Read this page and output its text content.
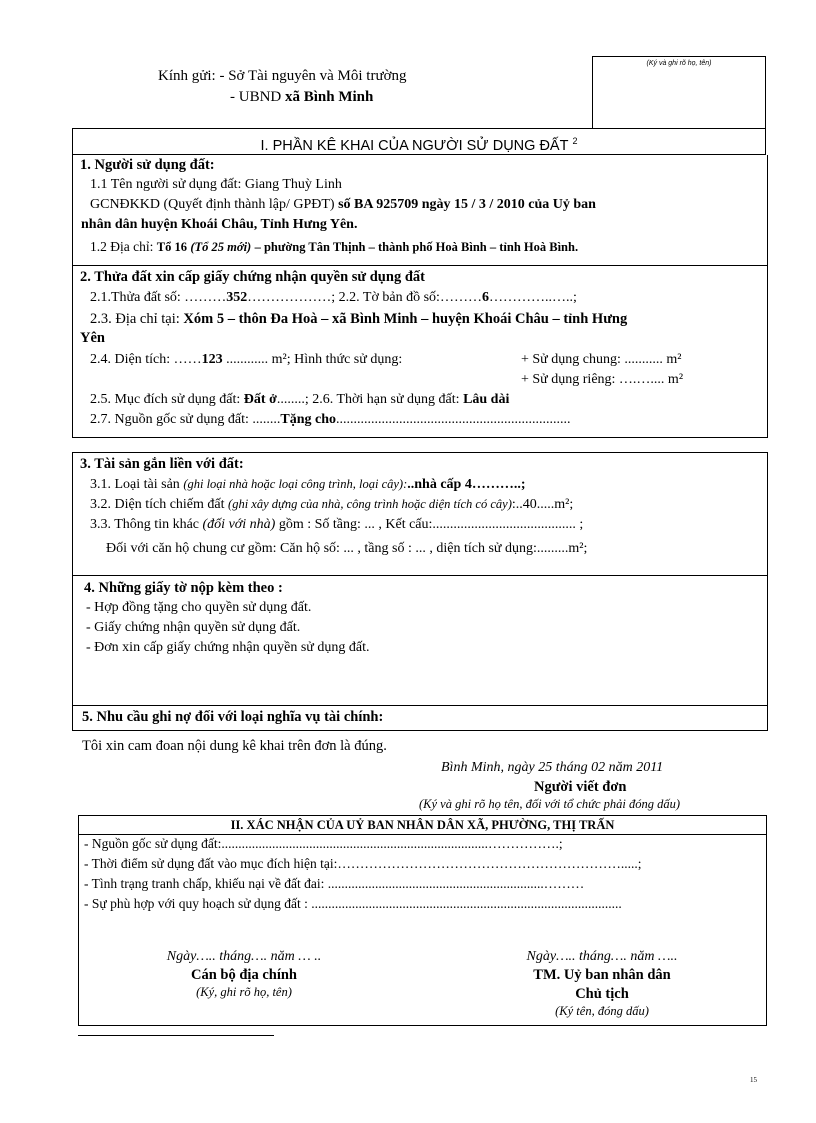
Kính gửi: - Sở Tài nguyên và Môi trường
- UBND xã Bình Minh
(Ký và ghi rõ họ, tên)
I. PHẦN KÊ KHAI CỦA NGƯỜI SỬ DỤNG ĐẤT $^2$
1. Người sử dụng đất:
1.1 Tên người sử dụng đất: Giang Thuỳ Linh
GCNĐKKD (Quyết định thành lập/ GPĐT) số BA 925709 ngày 15 / 3 / 2010 của Uỷ ban
nhân dân huyện Khoái Châu, Tỉnh Hưng Yên.
1.2 Địa chỉ: Tổ 16 (Tổ 25 mới) – phường Tân Thịnh – thành phố Hoà Bình – tỉnh Hoà Bình.
2. Thửa đất xin cấp giấy chứng nhận quyền sử dụng đất
2.1.Thửa đất số: ………352………………; 2.2. Tờ bản đồ số:………6…………..…..;
2.3. Địa chỉ tại: Xóm 5 – thôn Đa Hoà – xã Bình Minh – huyện Khoái Châu – tỉnh Hưng
Yên
2.4. Diện tích: ……123 ............ m²; Hình thức sử dụng:	+ Sử dụng chung: ........... m²
+ Sử dụng riêng: ….….... m²
2.5. Mục đích sử dụng đất: Đất ở........; 2.6. Thời hạn sử dụng đất: Lâu dài
2.7. Nguồn gốc sử dụng đất: ........Tặng cho...................................................................
3. Tài sản gắn liền với đất:
3.1. Loại tài sản (ghi loại nhà hoặc loại công trình, loại cây):..nhà cấp 4………..;
3.2. Diện tích chiếm đất (ghi xây dựng của nhà, công trình hoặc diện tích có cây):..40.....m²;
3.3. Thông tin khác (đối với nhà) gồm : Số tầng: ... , Kết cấu:......................................... ;
Đối với căn hộ chung cư gồm: Căn hộ số: ... , tầng số : ... , diện tích sử dụng:.........m²;
4. Những giấy tờ nộp kèm theo :
- Hợp đồng tặng cho quyền sử dụng đất.
- Giấy chứng nhận quyền sử dụng đất.
- Đơn xin cấp giấy chứng nhận quyền sử dụng đất.
5. Nhu cầu ghi nợ đối với loại nghĩa vụ tài chính:
Tôi xin cam đoan nội dung kê khai trên đơn là đúng.
Bình Minh, ngày 25 tháng 02 năm 2011
Người viết đơn
(Ký và ghi rõ họ tên, đối với tổ chức phải đóng dấu)
II. XÁC NHẬN CỦA UỶ BAN NHÂN DÂN XÃ, PHƯỜNG, THỊ TRẤN
- Nguồn gốc sử dụng đất:...............................................................................…………….;
- Thời điểm sử dụng đất vào mục đích hiện tại:……………………………………………………….....;
- Tình trạng tranh chấp, khiếu nại về đất đai: ................................................................………
- Sự phù hợp với quy hoạch sử dụng đất : ............................................................................................
Ngày….. tháng…. năm … ..
Cán bộ địa chính
(Ký, ghi rõ họ, tên)
Ngày….. tháng…. năm …..
TM. Uỷ ban nhân dân
Chủ tịch
(Ký tên, đóng dấu)
15
